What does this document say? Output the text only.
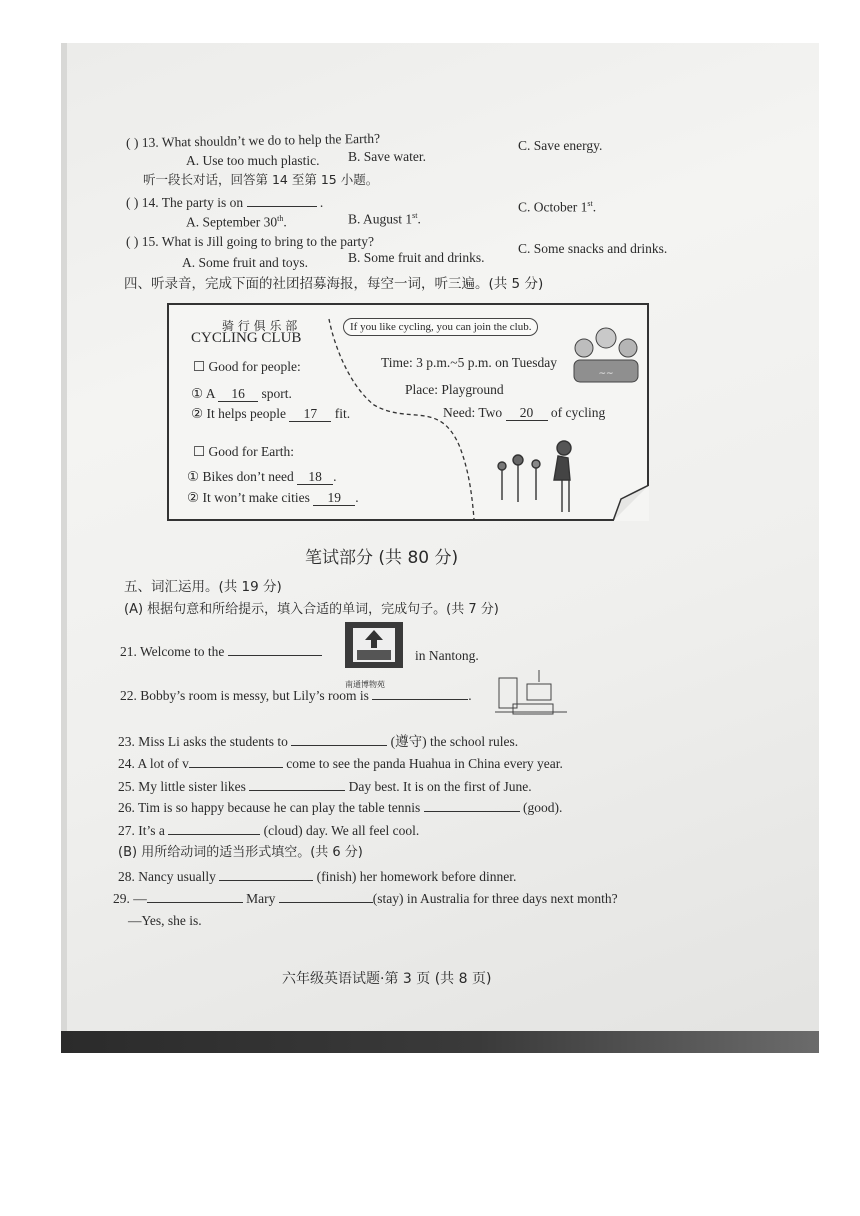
( ) 13. What shouldn’t we do to help the Earth?
A. Use too much plastic. B. Save water.
C. Save energy.
听一段长对话，回答第 14 至第 15 小题。
( ) 14. The party is on	.
A. September 30th.	B. August 1st.
C. October 1st.
( ) 15. What is Jill going to bring to the party?
A. Some fruit and toys.	B. Some fruit and drinks.
C. Some snacks and drinks.
四、听录音，完成下面的社团招募海报，每空一词，听三遍。(共 5 分)
骑 行 俱 乐 部
CYCLING CLUB
If you like cycling, you can join the club.
~~
☐ Good for people:
① A 16 sport.
② It helps people 17 fit.
Time: 3 p.m.~5 p.m. on Tuesday
Place: Playground
Need: Two 20 of cycling
☐ Good for Earth:
① Bikes don’t need 18 .
② It won’t make cities 19 .
笔试部分 (共 80 分)
五、词汇运用。(共 19 分)
(A) 根据句意和所给提示，填入合适的单词，完成句子。(共 7 分)
21. Welcome to the
南通博物苑
in Nantong.
22. Bobby’s room is messy, but Lily’s room is	.
23. Miss Li asks the students to	(遵守) the school rules.
24. A lot of v	come to see the panda Huahua in China every year.
25. My little sister likes	Day best. It is on the first of June.
26. Tim is so happy because he can play the table tennis	(good).
27. It’s a	(cloud) day. We all feel cool.
(B) 用所给动词的适当形式填空。(共 6 分)
28. Nancy usually	(finish) her homework before dinner.
29. —	Mary	(stay) in Australia for three days next month?
—Yes, she is.
六年级英语试题·第 3 页 (共 8 页)
